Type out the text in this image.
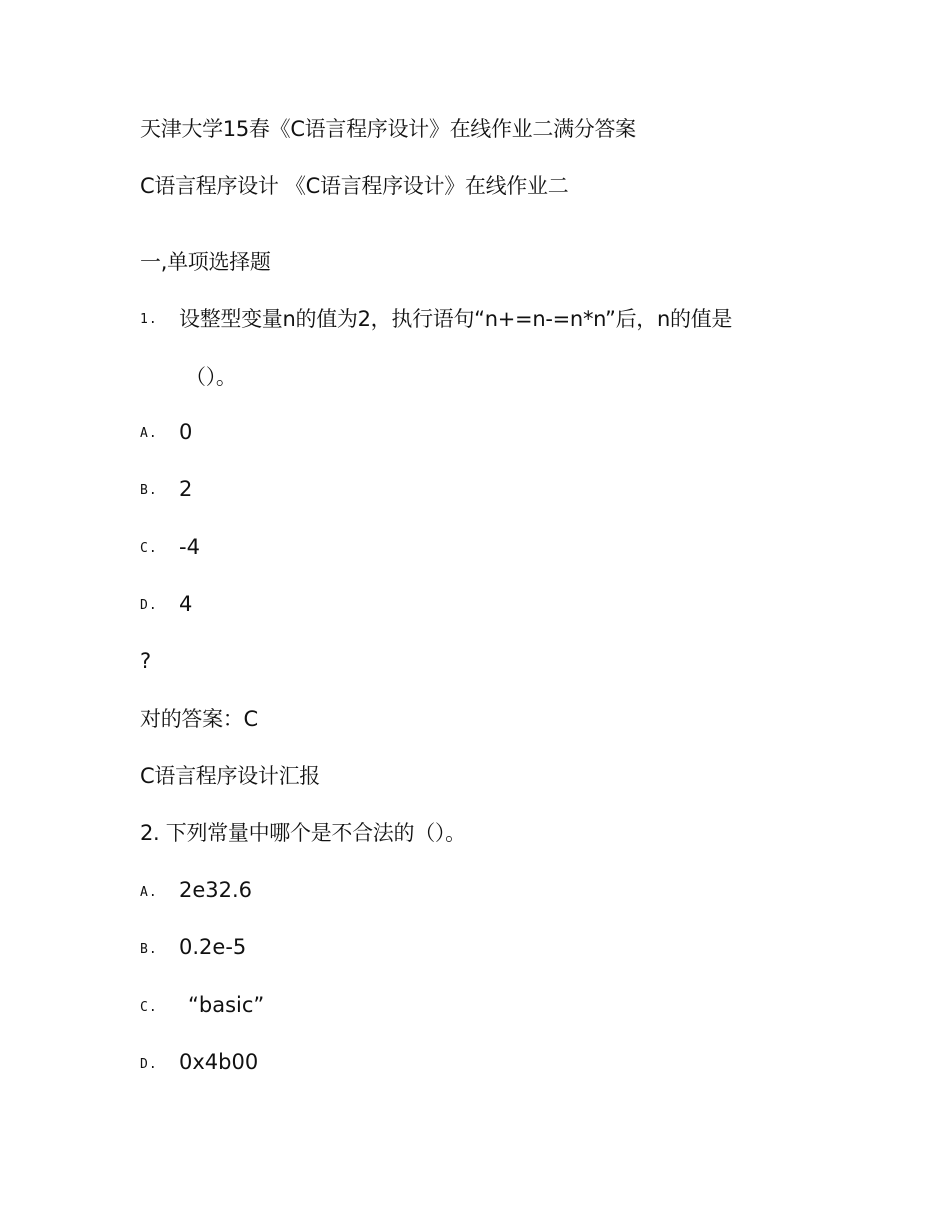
天津大学15春《C语言程序设计》在线作业二满分答案
C语言程序设计 《C语言程序设计》在线作业二
一,单项选择题
1. 设整型变量n的值为2，执行语句“n+=n-=n*n”后，n的值是
（）。
A. 0
B. 2
C. -4
D. 4
?
对的答案：C
C语言程序设计汇报
2. 下列常量中哪个是不合法的（）。
A. 2e32.6
B. 0.2e-5
C. “basic”
D. 0x4b00
